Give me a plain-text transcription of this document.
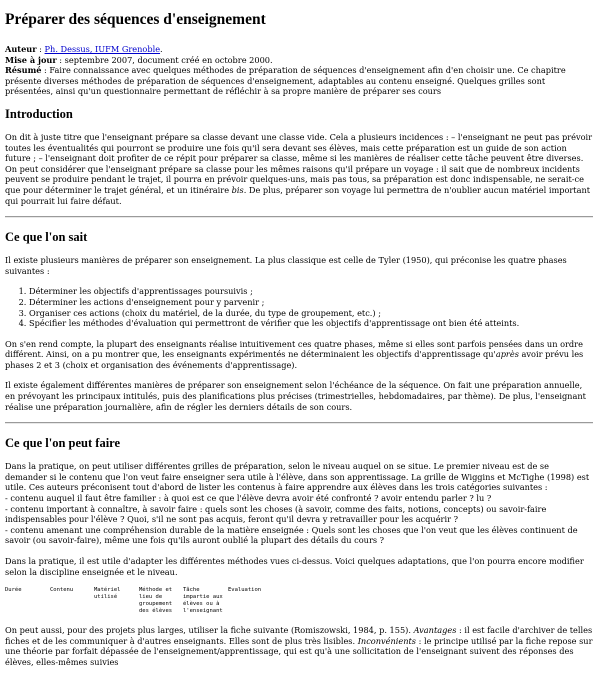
Préparer des séquences d'enseignement

Auteur : Ph. Dessus, IUFM Grenoble.
Mise à jour : septembre 2007, document créé en octobre 2000.
Résumé : Faire connaissance avec quelques méthodes de préparation de séquences d'enseignement afin d'en choisir une. Ce chapitre présente diverses méthodes de préparation de séquences d'enseignement, adaptables au contenu enseigné. Quelques grilles sont présentées, ainsi qu'un questionnaire permettant de réfléchir à sa propre manière de préparer ses cours

Introduction

On dit à juste titre que l'enseignant prépare sa classe devant une classe vide. Cela a plusieurs incidences : – l'enseignant ne peut pas prévoir toutes les éventualités qui pourront se produire une fois qu'il sera devant ses élèves, mais cette préparation est un guide de son action future ; – l'enseignant doit profiter de ce répit pour préparer sa classe, même si les manières de réaliser cette tâche peuvent être diverses. On peut considérer que l'enseignant prépare sa classe pour les mêmes raisons qu'il prépare un voyage : il sait que de nombreux incidents peuvent se produire pendant le trajet, il pourra en prévoir quelques-uns, mais pas tous, sa préparation est donc indispensable, ne serait-ce que pour déterminer le trajet général, et un itinéraire bis. De plus, préparer son voyage lui permettra de n'oublier aucun matériel important qui pourrait lui faire défaut.

Ce que l'on sait

Il existe plusieurs manières de préparer son enseignement. La plus classique est celle de Tyler (1950), qui préconise les quatre phases suivantes :

1. Déterminer les objectifs d'apprentissages poursuivis ;
2. Déterminer les actions d'enseignement pour y parvenir ;
3. Organiser ces actions (choix du matériel, de la durée, du type de groupement, etc.) ;
4. Spécifier les méthodes d'évaluation qui permettront de vérifier que les objectifs d'apprentissage ont bien été atteints.

On s'en rend compte, la plupart des enseignants réalise intuitivement ces quatre phases, même si elles sont parfois pensées dans un ordre différent. Ainsi, on a pu montrer que, les enseignants expérimentés ne déterminaient les objectifs d'apprentissage qu'après avoir prévu les phases 2 et 3 (choix et organisation des événements d'apprentissage).

Il existe également différentes manières de préparer son enseignement selon l'échéance de la séquence. On fait une préparation annuelle, en prévoyant les principaux intitulés, puis des planifications plus précises (trimestrielles, hebdomadaires, par thème). De plus, l'enseignant réalise une préparation journalière, afin de régler les derniers détails de son cours.

Ce que l'on peut faire

Dans la pratique, on peut utiliser différentes grilles de préparation, selon le niveau auquel on se situe. Le premier niveau est de se demander si le contenu que l'on veut faire enseigner sera utile à l'élève, dans son apprentissage. La grille de Wiggins et McTighe (1998) est utile. Ces auteurs préconisent tout d'abord de lister les contenus à faire apprendre aux élèves dans les trois catégories suivantes :
- contenu auquel il faut être familier : à quoi est ce que l'élève devra avoir été confronté ? avoir entendu parler ? lu ?
- contenu important à connaître, à savoir faire : quels sont les choses (à savoir, comme des faits, notions, concepts) ou savoir-faire indispensables pour l'élève ? Quoi, s'il ne sont pas acquis, feront qu'il devra y retravailler pour les acquérir ?
- contenu amenant une compréhension durable de la matière enseignée : Quels sont les choses que l'on veut que les élèves continuent de savoir (ou savoir-faire), même une fois qu'ils auront oublié la plupart des détails du cours ?

Dans la pratique, il est utile d'adapter les différentes méthodes vues ci-dessus. Voici quelques adaptations, que l'on pourra encore modifier selon la discipline enseignée et le niveau.

Durée	Contenu	Matériel utilisé	Méthode et lieu de groupement des élèves	Tâche impartie aux élèves ou à l'enseignant	Evaluation

On peut aussi, pour des projets plus larges, utiliser la fiche suivante (Romiszowski, 1984, p. 155). Avantages : il est facile d'archiver de telles fiches et de les communiquer à d'autres enseignants. Elles sont de plus très lisibles. Inconvénients : le principe utilisé par la fiche repose sur une théorie par forfait dépassée de l'enseignement/apprentissage, qui est qu'à une sollicitation de l'enseignant suivent des réponses des élèves, elles-mêmes suivies
